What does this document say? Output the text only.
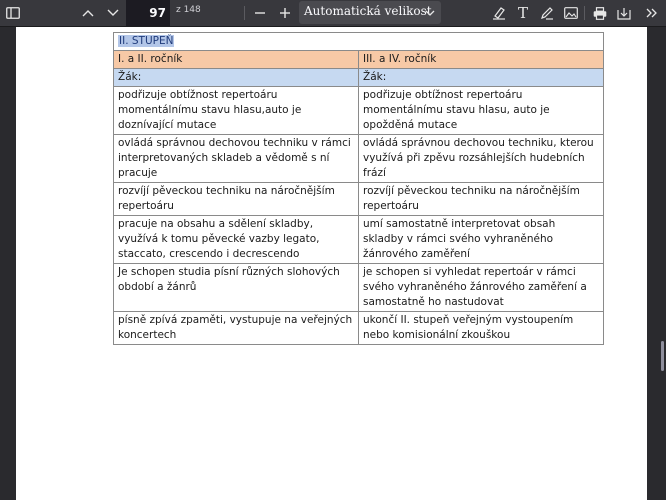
97 z 148	Automatická velikost	T
II. STUPEŇ	
I. a II. ročník	III. a IV. ročník
Žák:	Žák:
podřizuje obtížnost repertoáru momentálnímu stavu hlasu,auto je doznívající mutace	podřizuje obtížnost repertoáru momentálnímu stavu hlasu, auto je opožděná mutace
ovládá správnou dechovou techniku v rámci interpretovaných skladeb a vědomě s ní pracuje	ovládá správnou dechovou techniku, kterou využívá při zpěvu rozsáhlejších hudebních frází
rozvíjí pěveckou techniku na náročnějším repertoáru	rozvíjí pěveckou techniku na náročnějším repertoáru
pracuje na obsahu a sdělení skladby, využívá k tomu pěvecké vazby legato, staccato, crescendo i decrescendo	umí samostatně interpretovat obsah skladby v rámci svého vyhraněného žánrového zaměření
Je schopen studia písní různých slohových období a žánrů	je schopen si vyhledat repertoár v rámci svého vyhraněného žánrového zaměření a samostatně ho nastudovat
písně zpívá zpaměti, vystupuje na veřejných koncertech	ukončí II. stupeň veřejným vystoupením nebo komisionální zkouškou
